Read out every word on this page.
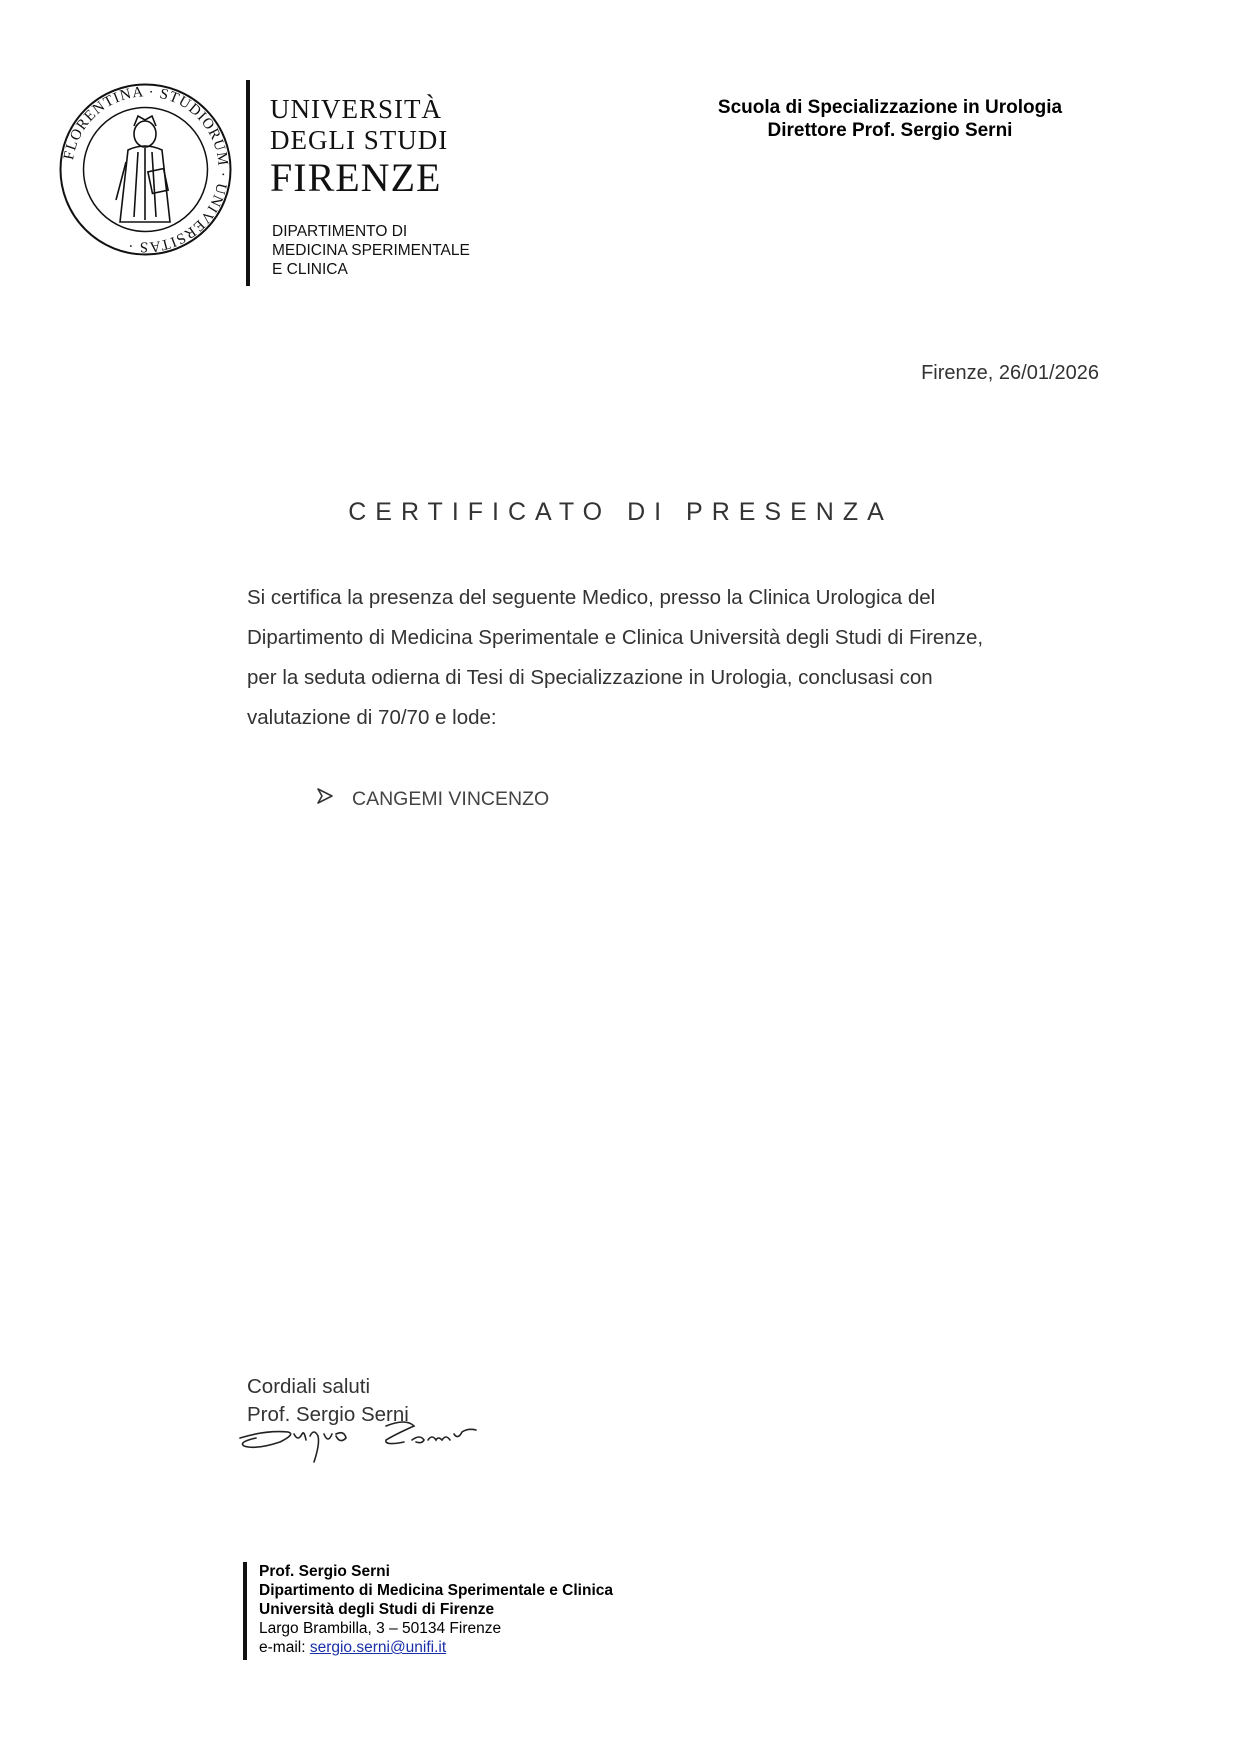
FLORENTINA · STUDIORUM · UNIVERSITAS ·
UNIVERSITÀ
DEGLI STUDI
FIRENZE
DIPARTIMENTO DI
MEDICINA SPERIMENTALE
E CLINICA
Scuola di Specializzazione in Urologia
Direttore Prof. Sergio Serni
Firenze, 26/01/2026
CERTIFICATO DI PRESENZA

Si certifica la presenza del seguente Medico, presso la Clinica Urologica del

Dipartimento di Medicina Sperimentale e Clinica Università degli Studi di Firenze,

per la seduta odierna di Tesi di Specializzazione in Urologia, conclusasi con

valutazione di 70/70 e lode:

CANGEMI VINCENZO
Cordiali saluti
Prof. Sergio Serni
Prof. Sergio Serni
Dipartimento di Medicina Sperimentale e Clinica
Università degli Studi di Firenze
Largo Brambilla, 3 – 50134 Firenze
e-mail: sergio.serni@unifi.it
